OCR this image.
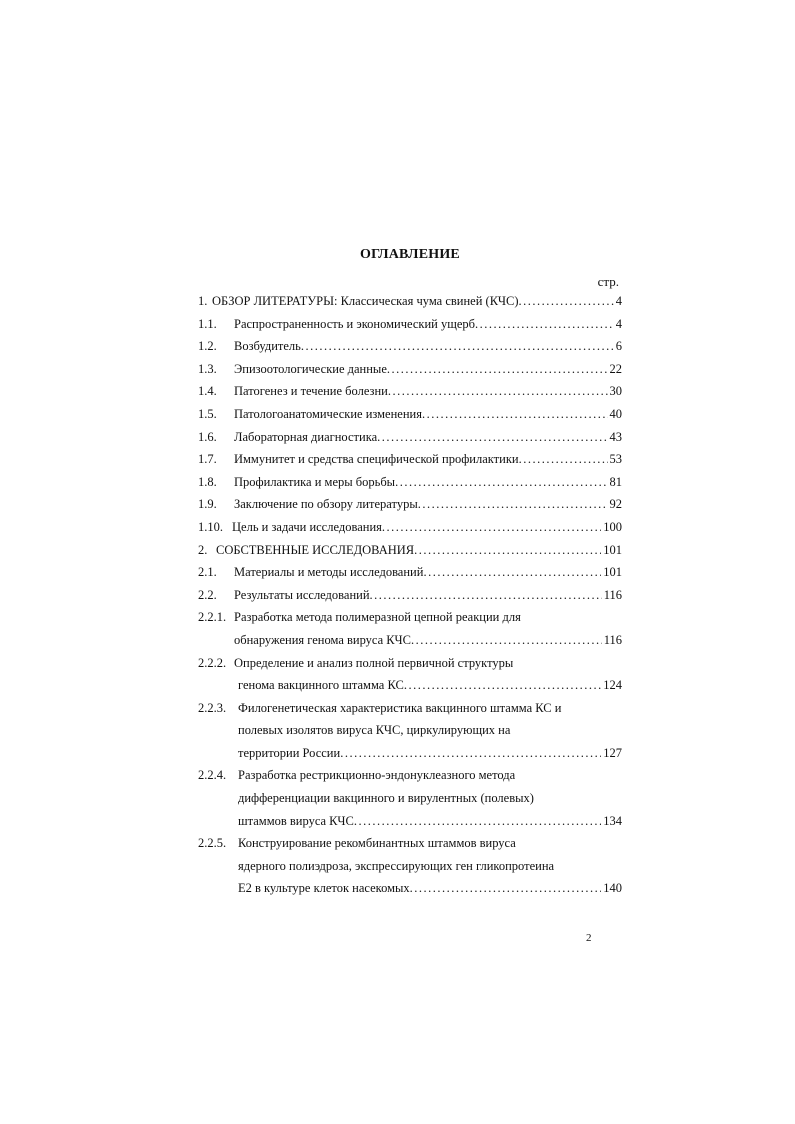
ОГЛАВЛЕНИЕ
стр.
1. ОБЗОР ЛИТЕРАТУРЫ: Классическая чума свиней (КЧС) .....	4
1.1. Распространенность и экономический ущерб .....	4
1.2. Возбудитель .....	6
1.3. Эпизоотологические данные .....	22
1.4. Патогенез и течение болезни .....	30
1.5. Патологоанатомические изменения .....	40
1.6. Лабораторная диагностика .....	43
1.7. Иммунитет и средства специфической профилактики .....	53
1.8. Профилактика и меры борьбы .....	81
1.9. Заключение по обзору литературы .....	92
1.10. Цель и задачи исследования .....	100
2. СОБСТВЕННЫЕ ИССЛЕДОВАНИЯ .....	101
2.1. Материалы и методы исследований .....	101
2.2. Результаты исследований .....	116
2.2.1. Разработка метода полимеразной цепной реакции для
обнаружения генома вируса КЧС .....	116
2.2.2. Определение и анализ полной первичной структуры
генома вакцинного штамма КС .....	124
2.2.3. Филогенетическая характеристика вакцинного штамма КС и
полевых изолятов вируса КЧС, циркулирующих на
территории России .....	127
2.2.4. Разработка рестрикционно-эндонуклеазного метода
дифференциации вакцинного и вирулентных (полевых)
штаммов вируса КЧС .....	134
2.2.5. Конструирование рекомбинантных штаммов вируса
ядерного полиэдроза, экспрессирующих ген гликопротеина
Е2 в культуре клеток насекомых .....	140
2
